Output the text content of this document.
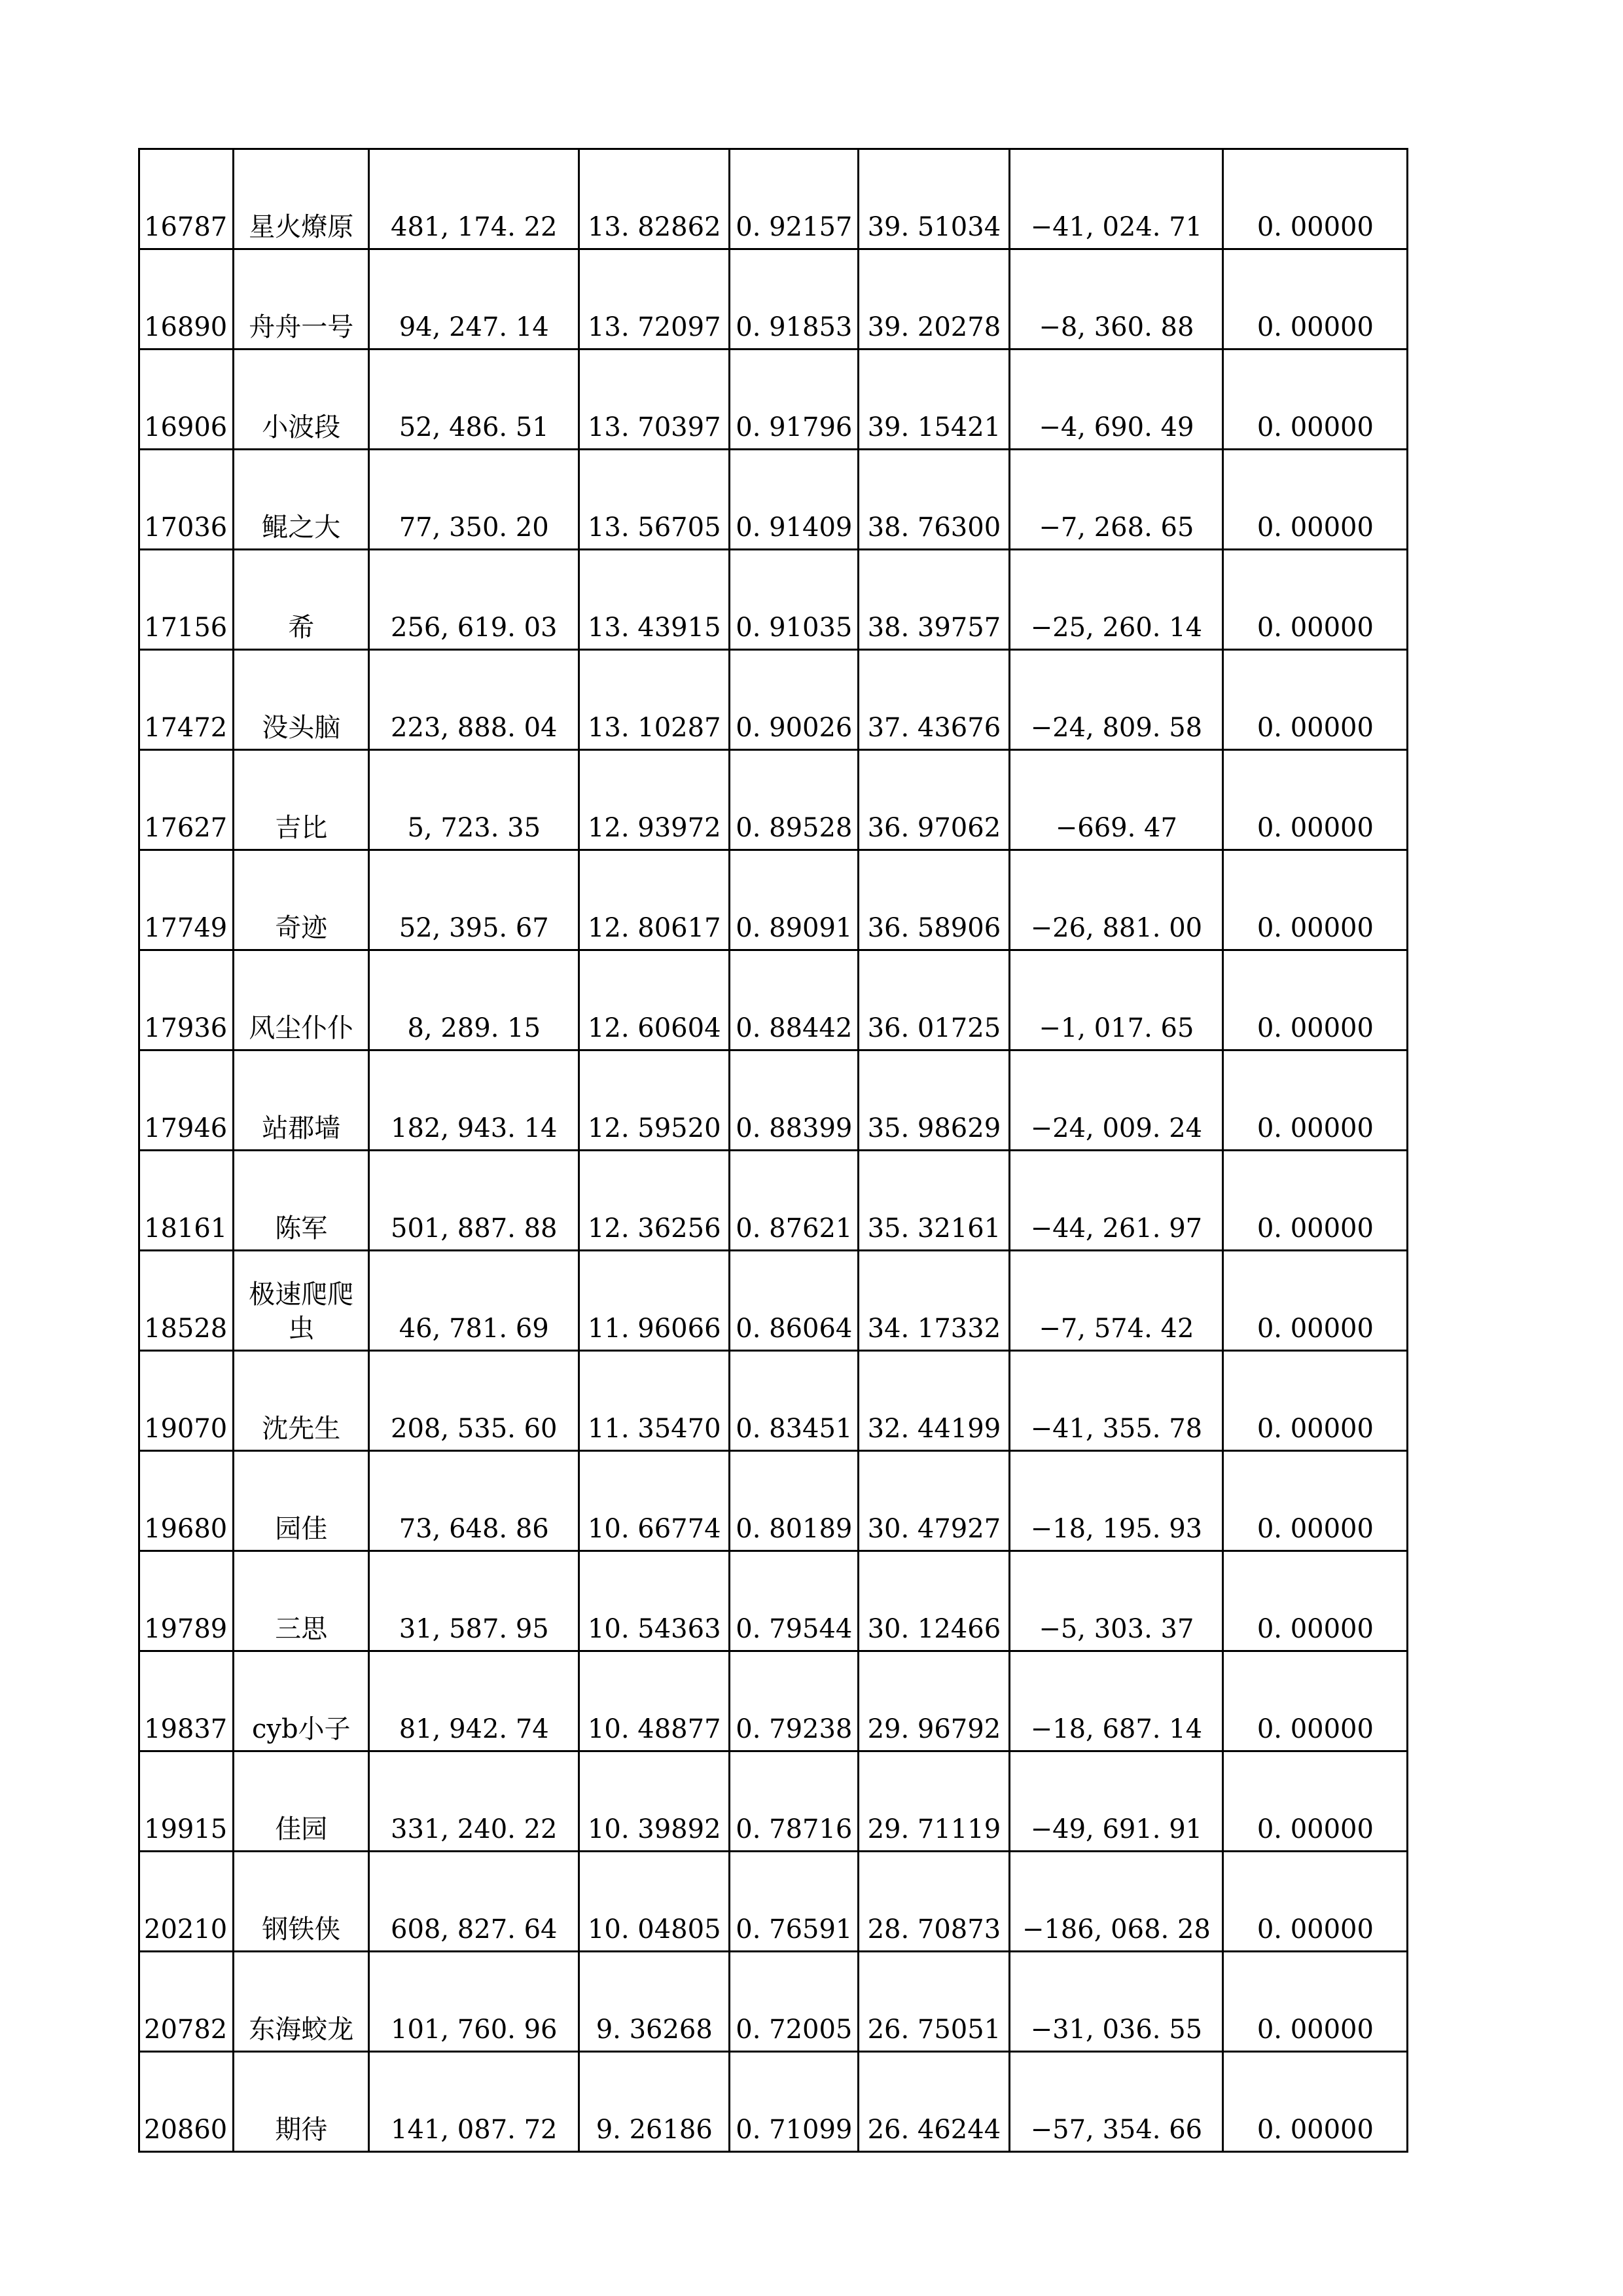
16787	星火燎原	481, 174. 22	13. 82862	0. 92157	39. 51034	−41, 024. 71	0. 00000
16890	舟舟一号	94, 247. 14	13. 72097	0. 91853	39. 20278	−8, 360. 88	0. 00000
16906	小波段	52, 486. 51	13. 70397	0. 91796	39. 15421	−4, 690. 49	0. 00000
17036	鲲之大	77, 350. 20	13. 56705	0. 91409	38. 76300	−7, 268. 65	0. 00000
17156	希	256, 619. 03	13. 43915	0. 91035	38. 39757	−25, 260. 14	0. 00000
17472	没头脑	223, 888. 04	13. 10287	0. 90026	37. 43676	−24, 809. 58	0. 00000
17627	吉比	5, 723. 35	12. 93972	0. 89528	36. 97062	−669. 47	0. 00000
17749	奇迹	52, 395. 67	12. 80617	0. 89091	36. 58906	−26, 881. 00	0. 00000
17936	风尘仆仆	8, 289. 15	12. 60604	0. 88442	36. 01725	−1, 017. 65	0. 00000
17946	站郡墙	182, 943. 14	12. 59520	0. 88399	35. 98629	−24, 009. 24	0. 00000
18161	陈军	501, 887. 88	12. 36256	0. 87621	35. 32161	−44, 261. 97	0. 00000
18528	极速爬爬虫	46, 781. 69	11. 96066	0. 86064	34. 17332	−7, 574. 42	0. 00000
19070	沈先生	208, 535. 60	11. 35470	0. 83451	32. 44199	−41, 355. 78	0. 00000
19680	园佳	73, 648. 86	10. 66774	0. 80189	30. 47927	−18, 195. 93	0. 00000
19789	三思	31, 587. 95	10. 54363	0. 79544	30. 12466	−5, 303. 37	0. 00000
19837	cyb小子	81, 942. 74	10. 48877	0. 79238	29. 96792	−18, 687. 14	0. 00000
19915	佳园	331, 240. 22	10. 39892	0. 78716	29. 71119	−49, 691. 91	0. 00000
20210	钢铁侠	608, 827. 64	10. 04805	0. 76591	28. 70873	−186, 068. 28	0. 00000
20782	东海蛟龙	101, 760. 96	9. 36268	0. 72005	26. 75051	−31, 036. 55	0. 00000
20860	期待	141, 087. 72	9. 26186	0. 71099	26. 46244	−57, 354. 66	0. 00000
